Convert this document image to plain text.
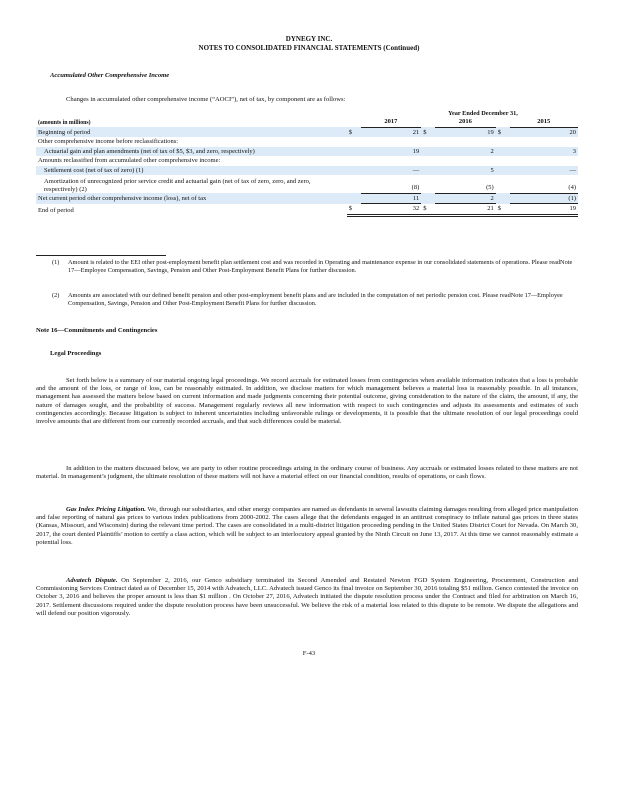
DYNEGY INC.
NOTES TO CONSOLIDATED FINANCIAL STATEMENTS (Continued)
Accumulated Other Comprehensive Income
Changes in accumulated other comprehensive income (“AOCI”), net of tax, by component are as follows:
Year Ended December 31,
(amounts in millions)		2017		2016		2015
Beginning of period	$	21	$	19	$	20
Other comprehensive income before reclassifications:						
Actuarial gain and plan amendments (net of tax of $5, $3, and zero, respectively)		19		2		3
Amounts reclassified from accumulated other comprehensive income:						
Settlement cost (net of tax of zero) (1)		—		5		—
Amortization of unrecognized prior service credit and actuarial gain (net of tax of zero, zero, and zero, respectively) (2)		(8)		(5)		(4)
Net current period other comprehensive income (loss), net of tax		11		2		(1)
End of period	$	32	$	21	$	19
(1) Amount is related to the EEI other post-employment benefit plan settlement cost and was recorded in Operating and maintenance expense in our consolidated statements of operations. Please readNote 17—Employee Compensation, Savings, Pension and Other Post-Employment Benefit Plans for further discussion.
(2) Amounts are associated with our defined benefit pension and other post-employment benefit plans and are included in the computation of net periodic pension cost. Please readNote 17—Employee Compensation, Savings, Pension and Other Post-Employment Benefit Plans for further discussion.
Note 16—Commitments and Contingencies
Legal Proceedings
Set forth below is a summary of our material ongoing legal proceedings. We record accruals for estimated losses from contingencies when available information indicates that a loss is probable and the amount of the loss, or range of loss, can be reasonably estimated. In addition, we disclose matters for which management believes a material loss is reasonably possible. In all instances, management has assessed the matters below based on current information and made judgments concerning their potential outcome, giving consideration to the nature of the claim, the amount, if any, the nature of damages sought, and the probability of success. Management regularly reviews all new information with respect to such contingencies and adjusts its assessments and estimates of such contingencies accordingly. Because litigation is subject to inherent uncertainties including unfavorable rulings or developments, it is possible that the ultimate resolution of our legal proceedings could involve amounts that are different from our currently recorded accruals, and that such differences could be material.
In addition to the matters discussed below, we are party to other routine proceedings arising in the ordinary course of business. Any accruals or estimated losses related to these matters are not material. In management’s judgment, the ultimate resolution of these matters will not have a material effect on our financial condition, results of operations, or cash flows.
Gas Index Pricing Litigation. We, through our subsidiaries, and other energy companies are named as defendants in several lawsuits claiming damages resulting from alleged price manipulation and false reporting of natural gas prices to various index publications from 2000-2002. The cases allege that the defendants engaged in an antitrust conspiracy to inflate natural gas prices in three states (Kansas, Missouri, and Wisconsin) during the relevant time period. The cases are consolidated in a multi-district litigation proceeding pending in the United States District Court for Nevada. On March 30, 2017, the court denied Plaintiffs’ motion to certify a class action, which will be subject to an interlocutory appeal granted by the Ninth Circuit on June 13, 2017. At this time we cannot reasonably estimate a potential loss.
Advatech Dispute. On September 2, 2016, our Genco subsidiary terminated its Second Amended and Restated Newton FGD System Engineering, Procurement, Construction and Commissioning Services Contract dated as of December 15, 2014 with Advatech, LLC. Advatech issued Genco its final invoice on September 30, 2016 totaling $51 million. Genco contested the invoice on October 3, 2016 and believes the proper amount is less than $1 million . On October 27, 2016, Advatech initiated the dispute resolution process under the Contract and filed for arbitration on March 16, 2017. Settlement discussions required under the dispute resolution process have been unsuccessful. We believe the risk of a material loss related to this dispute to be remote. We dispute the allegations and will defend our position vigorously.
F-43
